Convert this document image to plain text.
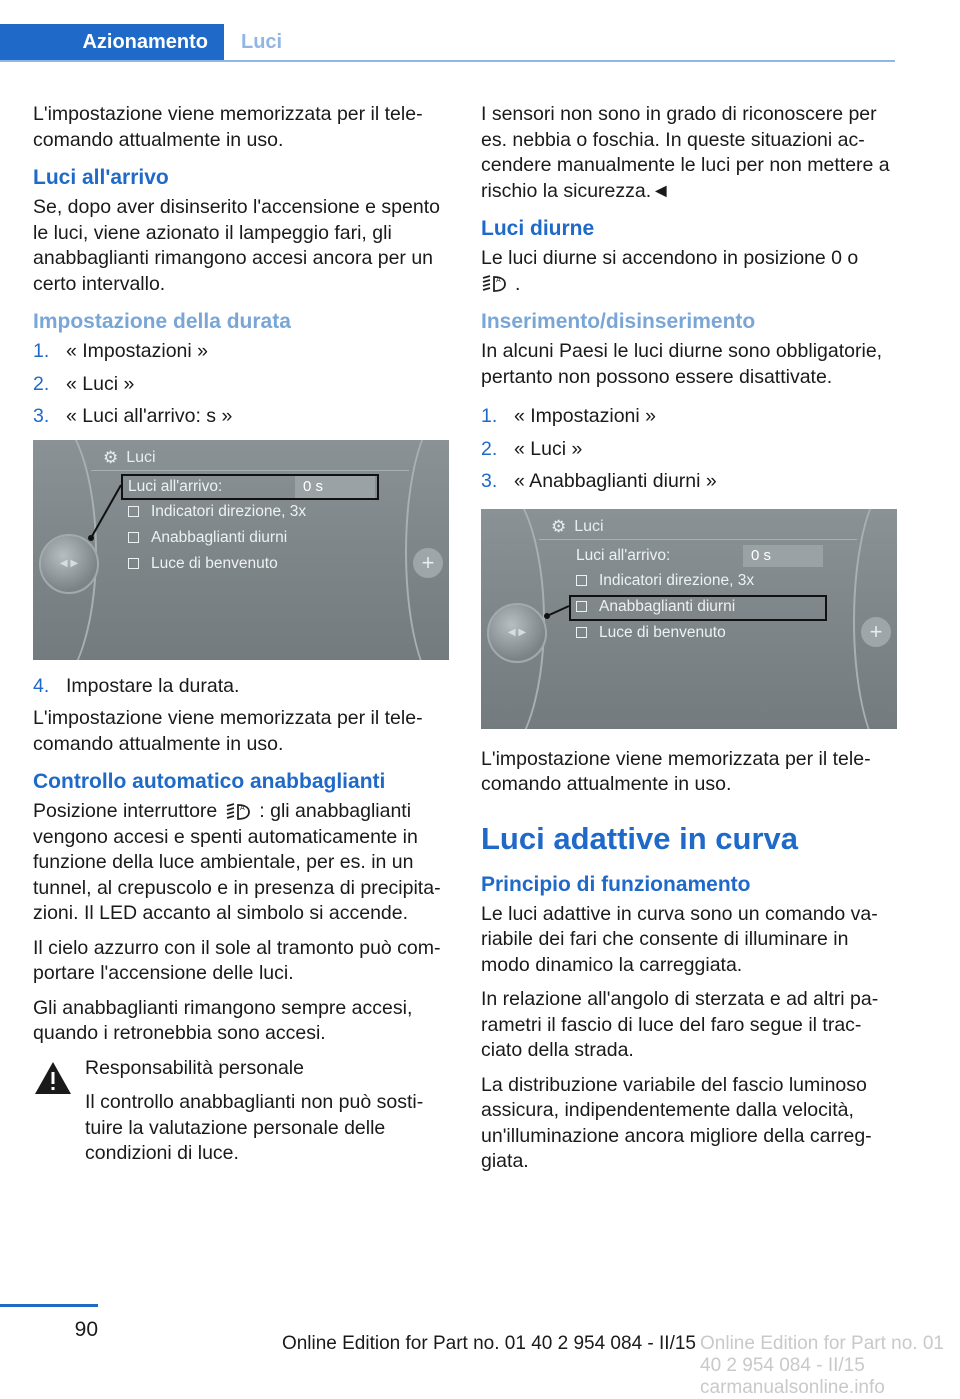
Azionamento	Luci

L'impostazione viene memorizzata per il tele-comando attualmente in uso.

Luci all'arrivo

Se, dopo aver disinserito l'accensione e spento le luci, viene azionato il lampeggio fari, gli anabbaglianti rimangono accesi ancora per un certo intervallo.

Impostazione della durata
1. « Impostazioni »
2. « Luci »
3. « Luci all'arrivo: s »
⚙ Luci
Luci all'arrivo:	0 s
Indicatori direzione, 3x
Anabbaglianti diurni
Luce di benvenuto
◀ ▶	+
4. Impostare la durata.

L'impostazione viene memorizzata per il tele-comando attualmente in uso.

Controllo automatico anabbaglianti

Posizione interruttore	A : gli anabbaglianti vengono accesi e spenti automaticamente in funzione della luce ambientale, per es. in un tunnel, al crepuscolo e in presenza di precipita-zioni. Il LED accanto al simbolo si accende.

Il cielo azzurro con il sole al tramonto può com-portare l'accensione delle luci.

Gli anabbaglianti rimangono sempre accesi, quando i retronebbia sono accesi.

Responsabilità personale

Il controllo anabbaglianti non può sosti-tuire la valutazione personale delle condizioni di luce.

I sensori non sono in grado di riconoscere per es. nebbia o foschia. In queste situazioni ac-cendere manualmente le luci per non mettere a rischio la sicurezza.◄

Luci diurne

Le luci diurne si accendono in posizione 0 o

A .

Inserimento/disinserimento

In alcuni Paesi le luci diurne sono obbligatorie, pertanto non possono essere disattivate.

1. « Impostazioni »
2. « Luci »
3. « Anabbaglianti diurni »
⚙ Luci
Luci all'arrivo:	0 s
Indicatori direzione, 3x
Anabbaglianti diurni
Luce di benvenuto
◀ ▶	+

L'impostazione viene memorizzata per il tele-comando attualmente in uso.

Luci adattive in curva
Principio di funzionamento

Le luci adattive in curva sono un comando va-riabile dei fari che consente di illuminare in modo dinamico la carreggiata.

In relazione all'angolo di sterzata e ad altri pa-rametri il fascio di luce del faro segue il trac-ciato della strada.

La distribuzione variabile del fascio luminoso assicura, indipendentemente dalla velocità, un'illuminazione ancora migliore della carreg-giata.

90
Online Edition for Part no. 01 40 2 954 084 - II/15 Online Edition for Part no. 01 40 2 954 084 - II/15 carmanualsonline.info
